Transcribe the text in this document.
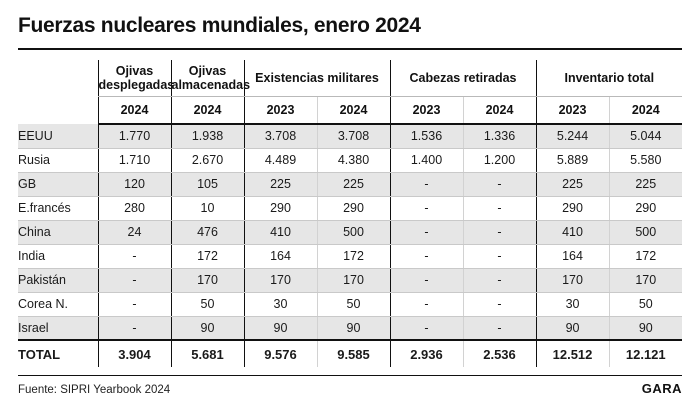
Fuerzas nucleares mundiales, enero 2024
	Ojivas desplegadas	Ojivas almacenadas	Existencias militares		Cabezas retiradas		Inventario total	
	2024	2024	2023	2024	2023	2024	2023	2024
EEUU	1.770	1.938	3.708	3.708	1.536	1.336	5.244	5.044
Rusia	1.710	2.670	4.489	4.380	1.400	1.200	5.889	5.580
GB	120	105	225	225	-	-	225	225
E.francés	280	10	290	290	-	-	290	290
China	24	476	410	500	-	-	410	500
India	-	172	164	172	-	-	164	172
Pakistán	-	170	170	170	-	-	170	170
Corea N.	-	50	30	50	-	-	30	50
Israel	-	90	90	90	-	-	90	90
TOTAL	3.904	5.681	9.576	9.585	2.936	2.536	12.512	12.121
Fuente: SIPRI Yearbook 2024	GARA
